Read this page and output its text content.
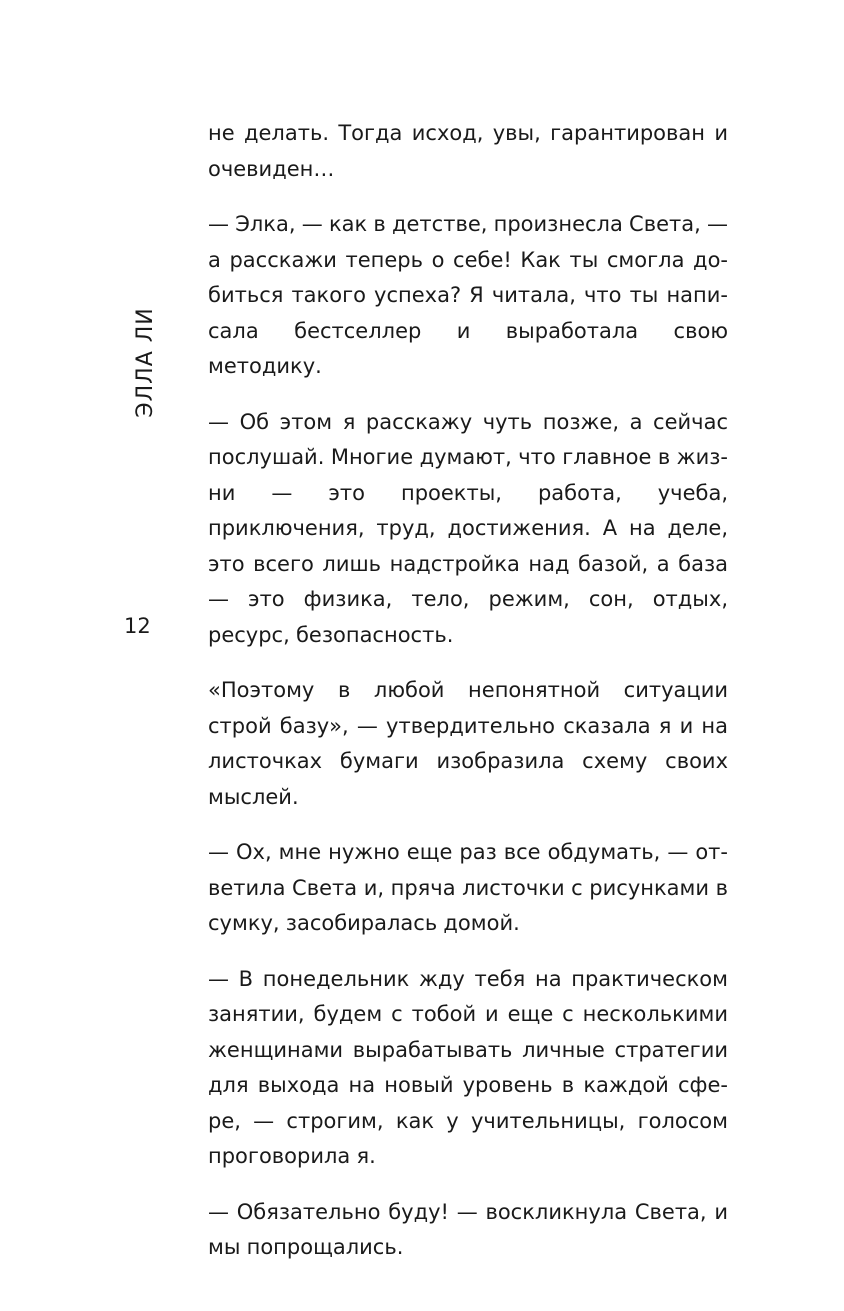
ЭЛЛА ЛИ
12

не делать. Тогда исход, увы, гарантирован и очевиден…

— Элка, — как в детстве, произнесла Света, — а расскажи теперь о себе! Как ты смогла добиться такого успеха? Я читала, что ты написала бестселлер и выработала свою методику.

— Об этом я расскажу чуть позже, а сейчас послушай. Многие думают, что главное в жизни — это проекты, работа, учеба, приключения, труд, достижения. А на деле, это всего лишь надстройка над базой, а база — это физика, тело, режим, сон, отдых, ресурс, безопасность.

«Поэтому в любой непонятной ситуации строй базу», — утвердительно сказала я и на листочках бумаги изобразила схему своих мыслей.

— Ох, мне нужно еще раз все обдумать, — ответила Света и, пряча листочки с рисунками в сумку, засобиралась домой.

— В понедельник жду тебя на практическом занятии, будем с тобой и еще с несколькими женщинами вырабатывать личные стратегии для выхода на новый уровень в каждой сфере, — строгим, как у учительницы, голосом проговорила я.

— Обязательно буду! — воскликнула Света, и мы попрощались.
